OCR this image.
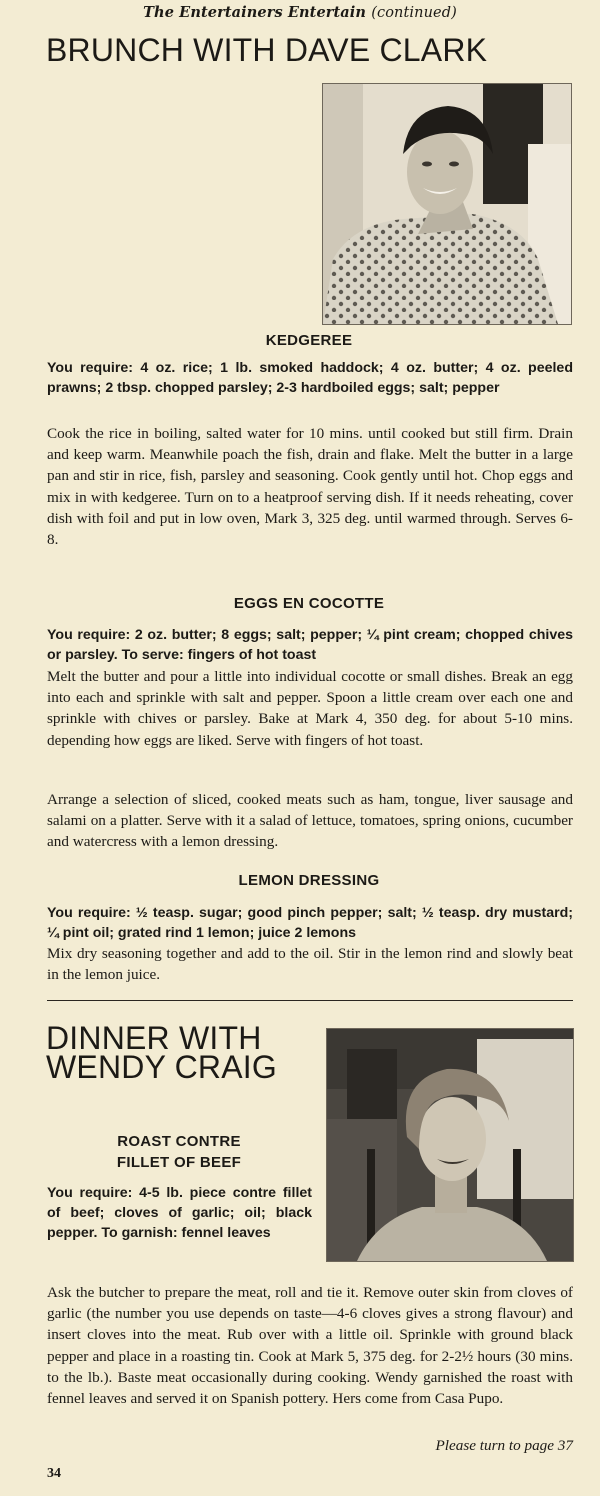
The Entertainers Entertain (continued)
BRUNCH WITH DAVE CLARK
KEDGEREE
You require: 4 oz. rice; 1 lb. smoked haddock; 4 oz. butter; 4 oz. peeled prawns; 2 tbsp. chopped parsley; 2-3 hardboiled eggs; salt; pepper
Cook the rice in boiling, salted water for 10 mins. until cooked but still firm. Drain and keep warm. Meanwhile poach the fish, drain and flake. Melt the butter in a large pan and stir in rice, fish, parsley and seasoning. Cook gently until hot. Chop eggs and mix in with kedgeree. Turn on to a heatproof serving dish. If it needs reheating, cover dish with foil and put in low oven, Mark 3, 325 deg. until warmed through. Serves 6-8.
EGGS EN COCOTTE
You require: 2 oz. butter; 8 eggs; salt; pepper; ¼ pint cream; chopped chives or parsley. To serve: fingers of hot toast
Melt the butter and pour a little into individual cocotte or small dishes. Break an egg into each and sprinkle with salt and pepper. Spoon a little cream over each one and sprinkle with chives or parsley. Bake at Mark 4, 350 deg. for about 5-10 mins. depending how eggs are liked. Serve with fingers of hot toast.
Arrange a selection of sliced, cooked meats such as ham, tongue, liver sausage and salami on a platter. Serve with it a salad of lettuce, tomatoes, spring onions, cucumber and watercress with a lemon dressing.
LEMON DRESSING
You require: ½ teasp. sugar; good pinch pepper; salt; ½ teasp. dry mustard; ¼ pint oil; grated rind 1 lemon; juice 2 lemons
Mix dry seasoning together and add to the oil. Stir in the lemon rind and slowly beat in the lemon juice.
DINNER WITH
WENDY CRAIG
ROAST CONTRE
FILLET OF BEEF
You require: 4-5 lb. piece contre fillet of beef; cloves of garlic; oil; black pepper. To garnish: fennel leaves
Ask the butcher to prepare the meat, roll and tie it. Remove outer skin from cloves of garlic (the number you use depends on taste—4-6 cloves gives a strong flavour) and insert cloves into the meat. Rub over with a little oil. Sprinkle with ground black pepper and place in a roasting tin. Cook at Mark 5, 375 deg. for 2-2½ hours (30 mins. to the lb.). Baste meat occasionally during cooking. Wendy garnished the roast with fennel leaves and served it on Spanish pottery. Hers come from Casa Pupo.
Please turn to page 37
34
